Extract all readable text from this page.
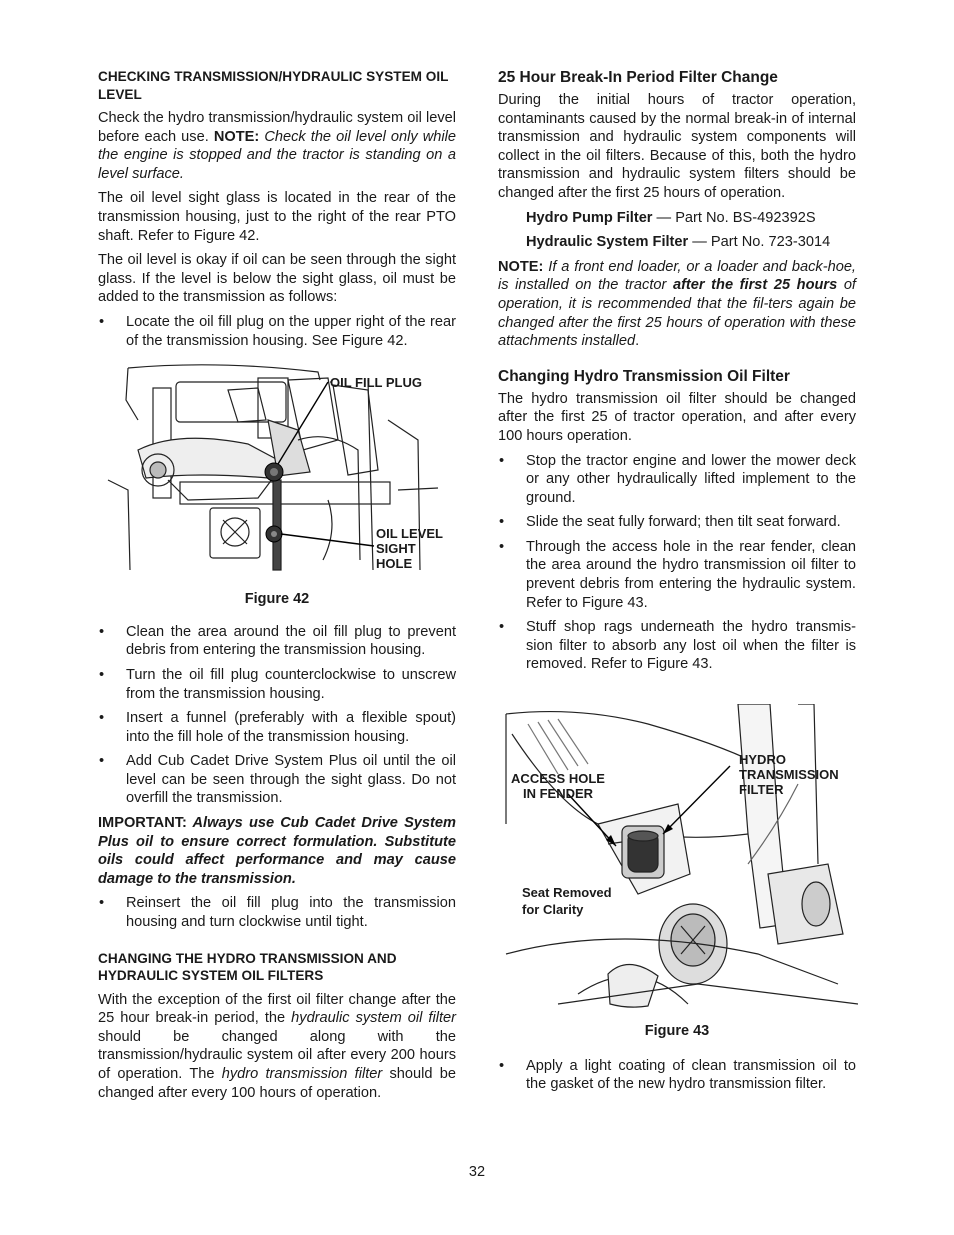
CHECKING TRANSMISSION/HYDRAULIC SYSTEM OIL LEVEL

Check the hydro transmission/hydraulic system oil level before each use. NOTE: Check the oil level only while the engine is stopped and the tractor is standing on a level surface.

The oil level sight glass is located in the rear of the transmission housing, just to the right of the rear PTO shaft. Refer to Figure 42.

The oil level is okay if oil can be seen through the sight glass. If the level is below the sight glass, oil must be added to the transmission as follows:

• Locate the oil fill plug on the upper right of the rear of the transmission housing. See Figure 42.
OIL FILL PLUG
OIL LEVEL
SIGHT
HOLE
Figure 42
• Clean the area around the oil fill plug to prevent debris from entering the transmission housing.
• Turn the oil fill plug counterclockwise to unscrew from the transmission housing.
• Insert a funnel (preferably with a flexible spout) into the fill hole of the transmission housing.
• Add Cub Cadet Drive System Plus oil until the oil level can be seen through the sight glass. Do not overfill the transmission.

IMPORTANT: Always use Cub Cadet Drive System Plus oil to ensure correct formulation. Substitute oils could affect performance and may cause damage to the transmission.

• Reinsert the oil fill plug into the transmission housing and turn clockwise until tight.
CHANGING THE HYDRO TRANSMISSION AND HYDRAULIC SYSTEM OIL FILTERS

With the exception of the first oil filter change after the 25 hour break-in period, the hydraulic system oil filter should be changed along with the transmission/hydraulic system oil after every 200 hours of operation. The hydro transmission filter should be changed after every 100 hours of operation.

25 Hour Break-In Period Filter Change

During the initial hours of tractor operation, contaminants caused by the normal break-in of internal transmission and hydraulic system components will collect in the oil filters. Because of this, both the hydro transmission and hydraulic system filters should be changed after the first 25 hours of operation.

Hydro Pump Filter — Part No. BS-492392S
Hydraulic System Filter — Part No. 723-3014

NOTE: If a front end loader, or a loader and back-hoe, is installed on the tractor after the first 25 hours of operation, it is recommended that the fil-ters again be changed after the first 25 hours of operation with these attachments installed.

Changing Hydro Transmission Oil Filter

The hydro transmission oil filter should be changed after the first 25 of tractor operation, and after every 100 hours operation.

• Stop the tractor engine and lower the mower deck or any other hydraulically lifted implement to the ground.
• Slide the seat fully forward; then tilt seat forward.
• Through the access hole in the rear fender, clean the area around the hydro transmission oil filter to prevent debris from entering the hydraulic system. Refer to Figure 43.
• Stuff shop rags underneath the hydro transmis-sion filter to absorb any lost oil when the filter is removed. Refer to Figure 43.
ACCESS HOLE
IN FENDER
HYDRO
TRANSMISSION
FILTER
Seat Removed
for Clarity
Figure 43
• Apply a light coating of clean transmission oil to the gasket of the new hydro transmission filter.
32
